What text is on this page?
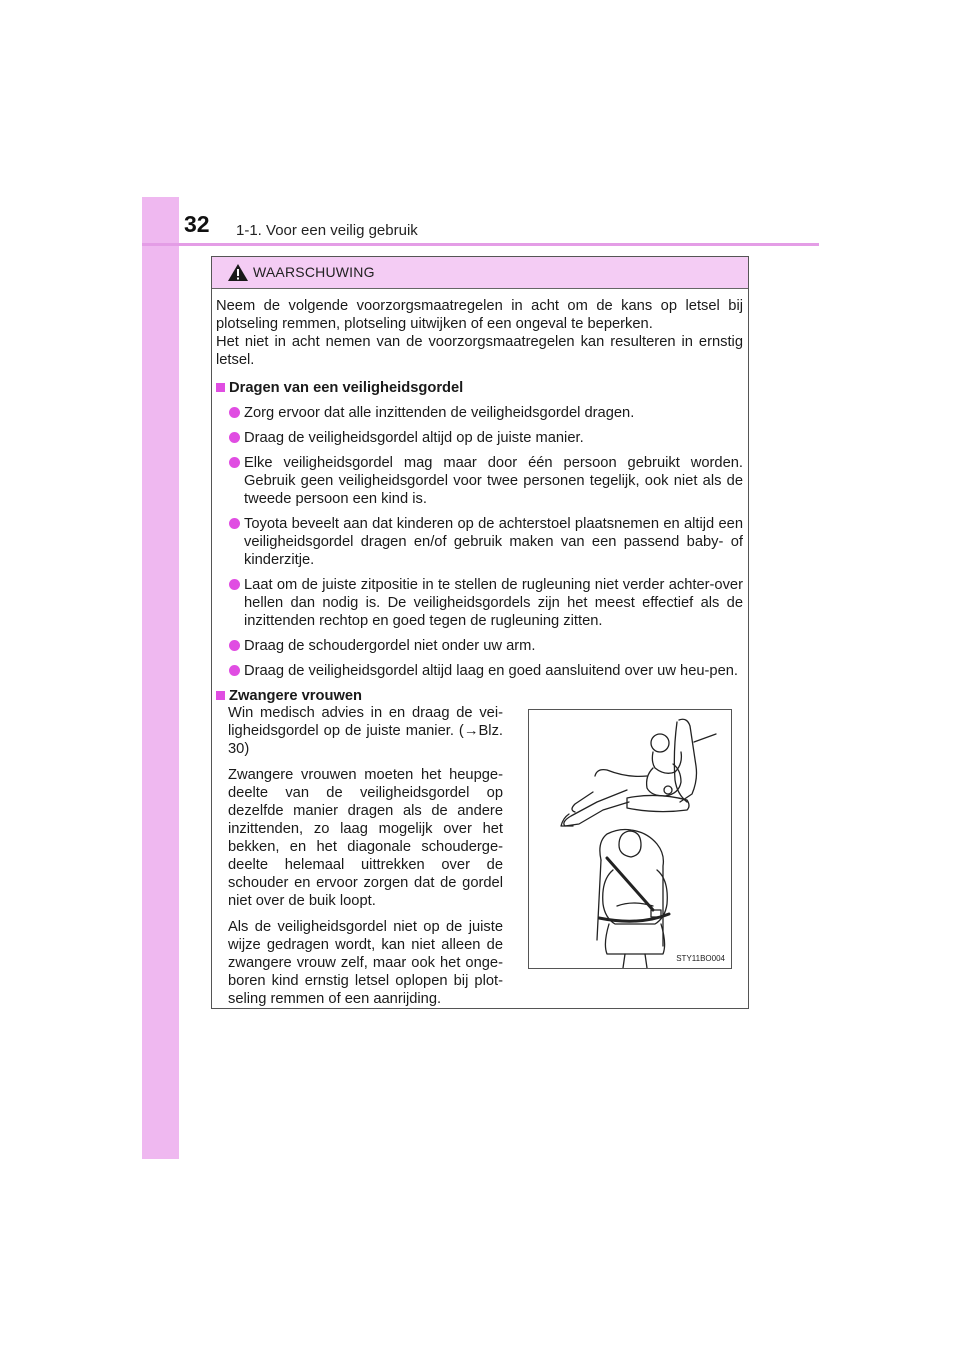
32 1-1. Voor een veilig gebruik
WAARSCHUWING

Neem de volgende voorzorgsmaatregelen in acht om de kans op letsel bij plotseling remmen, plotseling uitwijken of een ongeval te beperken.

Het niet in acht nemen van de voorzorgsmaatregelen kan resulteren in ernstig letsel.

Dragen van een veiligheidsgordel
Zorg ervoor dat alle inzittenden de veiligheidsgordel dragen.
Draag de veiligheidsgordel altijd op de juiste manier.
Elke veiligheidsgordel mag maar door één persoon gebruikt worden. Gebruik geen veiligheidsgordel voor twee personen tegelijk, ook niet als de tweede persoon een kind is.
Toyota beveelt aan dat kinderen op de achterstoel plaatsnemen en altijd een veiligheidsgordel dragen en/of gebruik maken van een passend baby- of kinderzitje.
Laat om de juiste zitpositie in te stellen de rugleuning niet verder achter-over hellen dan nodig is. De veiligheidsgordels zijn het meest effectief als de inzittenden rechtop en goed tegen de rugleuning zitten.
Draag de schoudergordel niet onder uw arm.
Draag de veiligheidsgordel altijd laag en goed aansluitend over uw heu-pen.
Zwangere vrouwen

Win medisch advies in en draag de vei-ligheidsgordel op de juiste manier. (→Blz. 30)

Zwangere vrouwen moeten het heupge-deelte van de veiligheidsgordel op dezelfde manier dragen als de andere inzittenden, zo laag mogelijk over het bekken, en het diagonale schouderge-deelte helemaal uittrekken over de schouder en ervoor zorgen dat de gordel niet over de buik loopt.

Als de veiligheidsgordel niet op de juiste wijze gedragen wordt, kan niet alleen de zwangere vrouw zelf, maar ook het onge-boren kind ernstig letsel oplopen bij plot-seling remmen of een aanrijding.

STY11BO004
